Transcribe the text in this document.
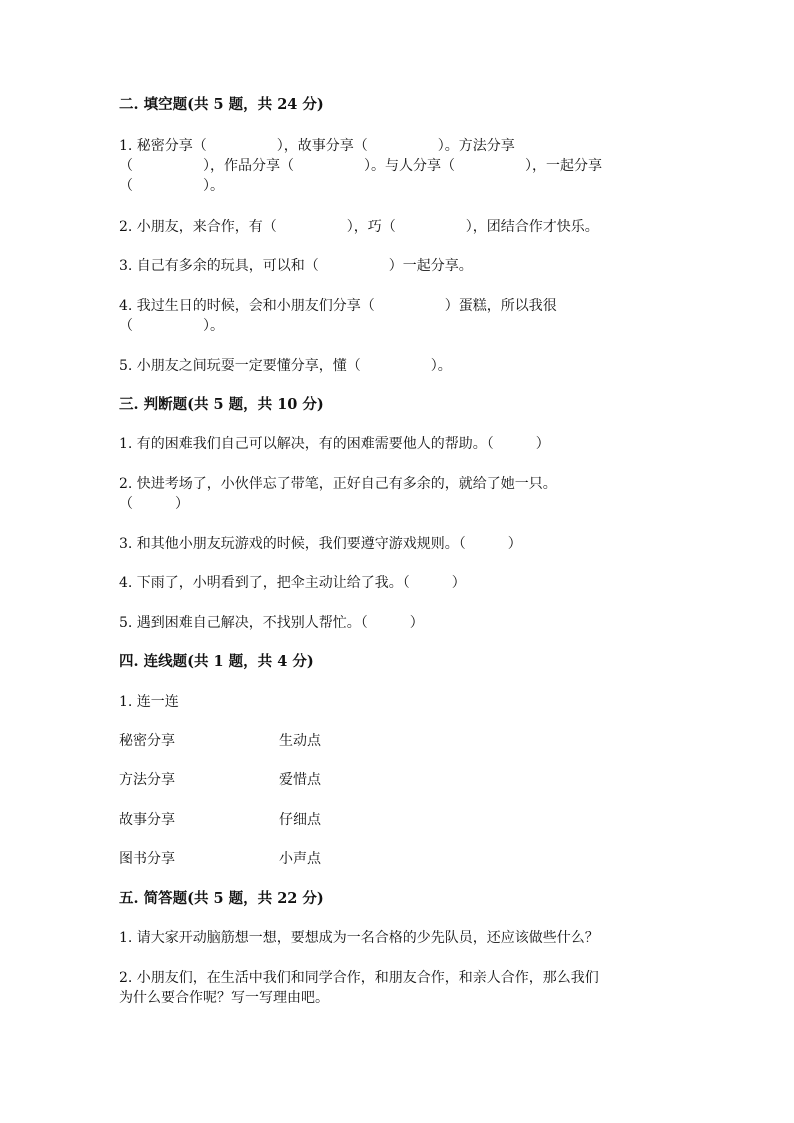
二. 填空题(共 5 题，共 24 分)
1. 秘密分享（　　　　　），故事分享（　　　　　）。方法分享
（　　　　　），作品分享（　　　　　）。与人分享（　　　　　），一起分享
（　　　　　）。
2. 小朋友，来合作，有（　　　　　），巧（　　　　　），团结合作才快乐。
3. 自己有多余的玩具，可以和（　　　　　）一起分享。
4. 我过生日的时候，会和小朋友们分享（　　　　　）蛋糕，所以我很
（　　　　　）。
5. 小朋友之间玩耍一定要懂分享，懂（　　　　　）。
三. 判断题(共 5 题，共 10 分)
1. 有的困难我们自己可以解决，有的困难需要他人的帮助。（　　　）
2. 快进考场了，小伙伴忘了带笔，正好自己有多余的，就给了她一只。
（　　　）
3. 和其他小朋友玩游戏的时候，我们要遵守游戏规则。（　　　）
4. 下雨了，小明看到了，把伞主动让给了我。（　　　）
5. 遇到困难自己解决，不找别人帮忙。（　　　）
四. 连线题(共 1 题，共 4 分)
1. 连一连
秘密分享	生动点
方法分享	爱惜点
故事分享	仔细点
图书分享	小声点
五. 简答题(共 5 题，共 22 分)
1. 请大家开动脑筋想一想，要想成为一名合格的少先队员，还应该做些什么？
2. 小朋友们，在生活中我们和同学合作，和朋友合作，和亲人合作，那么我们
为什么要合作呢？写一写理由吧。
